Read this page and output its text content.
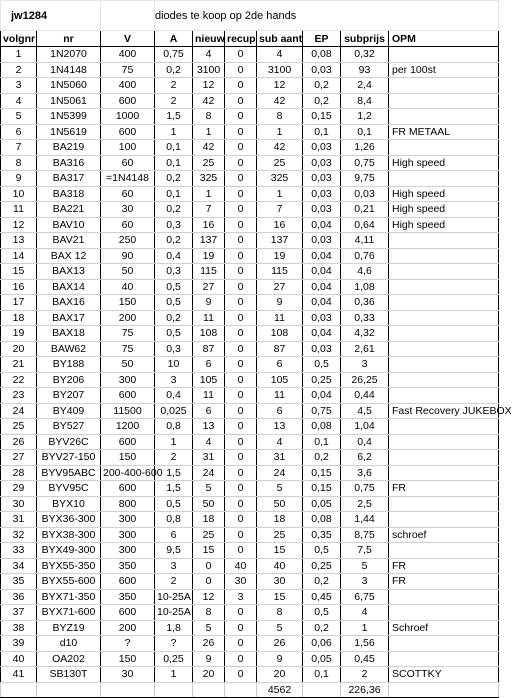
jw1284			diodes te koop op 2de hands						
volgnr	nr	V	A	nieuw	recup	sub aant	EP	subprijs	OPM
1	1N2070	400	0,75	4	0	4	0,08	0,32	
2	1N4148	75	0,2	3100	0	3100	0,03	93	per 100st
3	1N5060	400	2	12	0	12	0,2	2,4	
4	1N5061	600	2	42	0	42	0,2	8,4	
5	1N5399	1000	1,5	8	0	8	0,15	1,2	
6	1N5619	600	1	1	0	1	0,1	0,1	FR METAAL
7	BA219	100	0,1	42	0	42	0,03	1,26	
8	BA316	60	0,1	25	0	25	0,03	0,75	High speed
9	BA317	=1N4148	0,2	325	0	325	0,03	9,75	
10	BA318	60	0,1	1	0	1	0,03	0,03	High speed
11	BA221	30	0,2	7	0	7	0,03	0,21	High speed
12	BAV10	60	0,3	16	0	16	0,04	0,64	High speed
13	BAV21	250	0,2	137	0	137	0,03	4,11	
14	BAX 12	90	0,4	19	0	19	0,04	0,76	
15	BAX13	50	0,3	115	0	115	0,04	4,6	
16	BAX14	40	0,5	27	0	27	0,04	1,08	
17	BAX16	150	0,5	9	0	9	0,04	0,36	
18	BAX17	200	0,2	11	0	11	0,03	0,33	
19	BAX18	75	0,5	108	0	108	0,04	4,32	
20	BAW62	75	0,3	87	0	87	0,03	2,61	
21	BY188	50	10	6	0	6	0,5	3	
22	BY206	300	3	105	0	105	0,25	26,25	
23	BY207	600	0,4	11	0	11	0,04	0,44	
24	BY409	11500	0,025	6	0	6	0,75	4,5	Fast Recovery JUKEBOX
25	BY527	1200	0,8	13	0	13	0,08	1,04	
26	BYV26C	600	1	4	0	4	0,1	0,4	
27	BYV27-150	150	2	31	0	31	0,2	6,2	
28	BYV95ABC	200-400-600	1,5	24	0	24	0,15	3,6	
29	BYV95C	600	1,5	5	0	5	0,15	0,75	FR
30	BYX10	800	0,5	50	0	50	0,05	2,5	
31	BYX36-300	300	0,8	18	0	18	0,08	1,44	
32	BYX38-300	300	6	25	0	25	0,35	8,75	schroef
33	BYX49-300	300	9,5	15	0	15	0,5	7,5	
34	BYX55-350	350	3	0	40	40	0,25	5	FR
35	BYX55-600	600	2	0	30	30	0,2	3	FR
36	BYX71-350	350	10-25A	12	3	15	0,45	6,75	
37	BYX71-600	600	10-25A	8	0	8	0,5	4	
38	BYZ19	200	1,8	5	0	5	0,2	1	Schroef
39	d10	?	?	26	0	26	0,06	1,56	
40	OA202	150	0,25	9	0	9	0,05	0,45	
41	SB130T	30	1	20	0	20	0,1	2	SCOTTKY
						4562		226,36	
